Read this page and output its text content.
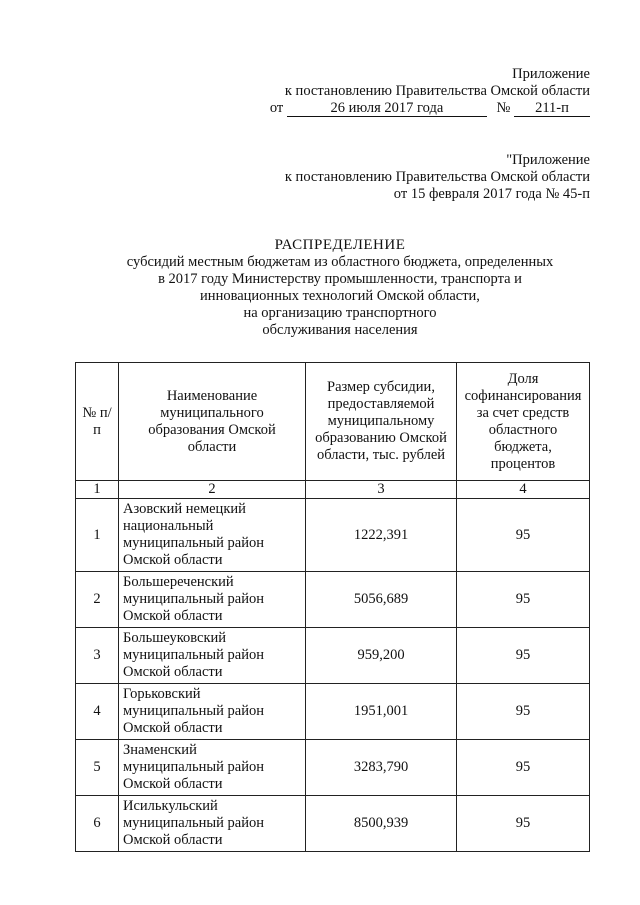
Приложение
к постановлению Правительства Омской области
от	26 июля 2017 года	№ 211-п
"Приложение
к постановлению Правительства Омской области
от 15 февраля 2017 года № 45-п
РАСПРЕДЕЛЕНИЕ
субсидий местным бюджетам из областного бюджета, определенных
в 2017 году Министерству промышленности, транспорта и
инновационных технологий Омской области,
на организацию транспортного
обслуживания населения
№ п/п	Наименование муниципального образования Омской области	Размер субсидии, предоставляемой муниципальному образованию Омской области, тыс. рублей	Доля софинансирования за счет средств областного бюджета, процентов
1	2	3	4
1	Азовский немецкий национальный муниципальный район Омской области	1222,391	95
2	Большереченский муниципальный район Омской области	5056,689	95
3	Большеуковский муниципальный район Омской области	959,200	95
4	Горьковский муниципальный район Омской области	1951,001	95
5	Знаменский муниципальный район Омской области	3283,790	95
6	Исилькульский муниципальный район Омской области	8500,939	95
